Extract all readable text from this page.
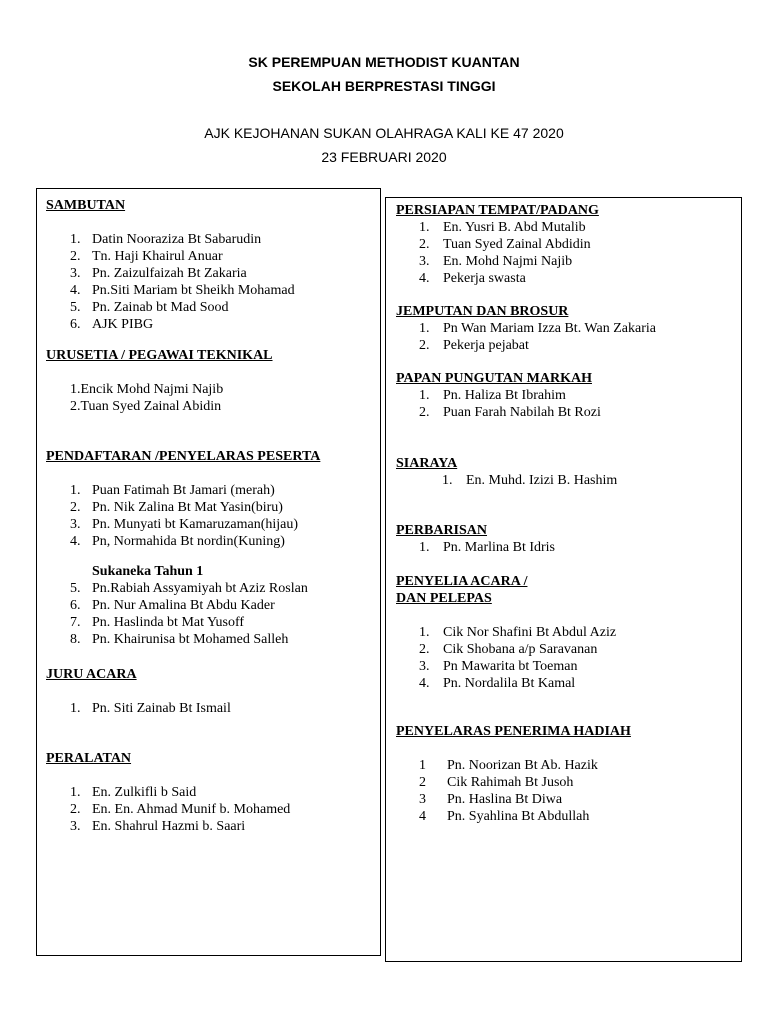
SK PEREMPUAN METHODIST KUANTAN
SEKOLAH BERPRESTASI TINGGI
AJK KEJOHANAN SUKAN OLAHRAGA KALI KE 47 2020
23 FEBRUARI 2020
SAMBUTAN
1. Datin Nooraziza Bt Sabarudin
2. Tn. Haji Khairul Anuar
3. Pn. Zaizulfaizah Bt Zakaria
4. Pn.Siti Mariam bt Sheikh Mohamad
5. Pn. Zainab bt Mad Sood
6. AJK PIBG
URUSETIA / PEGAWAI TEKNIKAL
1.Encik Mohd Najmi Najib
2.Tuan Syed Zainal Abidin
PENDAFTARAN /PENYELARAS PESERTA
1. Puan Fatimah Bt Jamari (merah)
2. Pn. Nik Zalina Bt Mat Yasin(biru)
3. Pn. Munyati bt Kamaruzaman(hijau)
4. Pn, Normahida Bt nordin(Kuning)
Sukaneka Tahun 1
5. Pn.Rabiah Assyamiyah bt Aziz Roslan
6. Pn. Nur Amalina Bt Abdu Kader
7. Pn. Haslinda bt Mat Yusoff
8. Pn. Khairunisa bt Mohamed Salleh
JURU ACARA
1. Pn. Siti Zainab Bt Ismail
PERALATAN
1. En. Zulkifli b Said
2. En. En. Ahmad Munif b. Mohamed
3. En. Shahrul Hazmi b. Saari
PERSIAPAN TEMPAT/PADANG
1. En. Yusri B. Abd Mutalib
2. Tuan Syed Zainal Abdidin
3. En. Mohd Najmi Najib
4. Pekerja swasta
JEMPUTAN DAN BROSUR
1. Pn Wan Mariam Izza Bt. Wan Zakaria
2. Pekerja pejabat
PAPAN PUNGUTAN MARKAH
1. Pn. Haliza Bt Ibrahim
2. Puan Farah Nabilah Bt Rozi
SIARAYA
1. En. Muhd. Izizi B. Hashim
PERBARISAN
1. Pn. Marlina Bt Idris
PENYELIA ACARA /
DAN PELEPAS
1. Cik Nor Shafini Bt Abdul Aziz
2. Cik Shobana a/p Saravanan
3. Pn Mawarita bt Toeman
4. Pn. Nordalila Bt Kamal
PENYELARAS PENERIMA HADIAH
1	Pn. Noorizan Bt Ab. Hazik
2	Cik Rahimah Bt Jusoh
3	Pn. Haslina Bt Diwa
4	Pn. Syahlina Bt Abdullah
